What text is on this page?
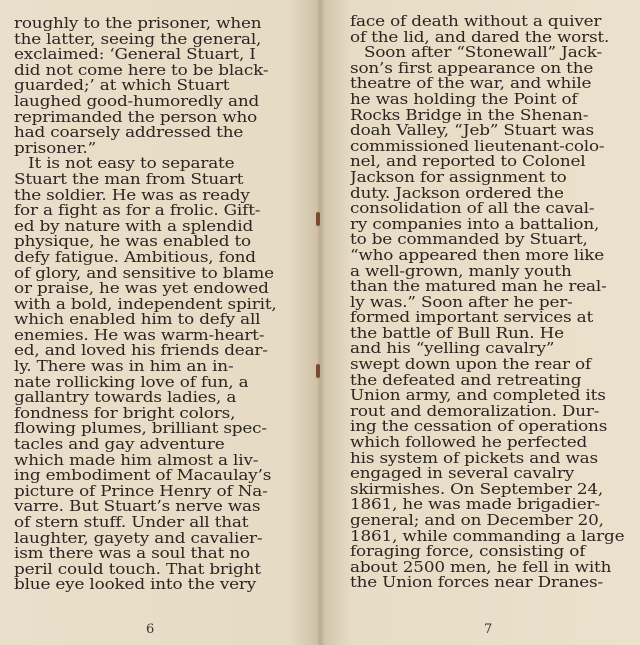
roughly to the prisoner, when
the latter, seeing the general,
exclaimed: ‘General Stuart, I
did not come here to be black-
guarded;’ at which Stuart
laughed good-humoredly and
reprimanded the person who
had coarsely addressed the
prisoner.”
It is not easy to separate
Stuart the man from Stuart
the soldier. He was as ready
for a fight as for a frolic. Gift-
ed by nature with a splendid
physique, he was enabled to
defy fatigue. Ambitious, fond
of glory, and sensitive to blame
or praise, he was yet endowed
with a bold, independent spirit,
which enabled him to defy all
enemies. He was warm-heart-
ed, and loved his friends dear-
ly. There was in him an in-
nate rollicking love of fun, a
gallantry towards ladies, a
fondness for bright colors,
flowing plumes, brilliant spec-
tacles and gay adventure
which made him almost a liv-
ing embodiment of Macaulay’s
picture of Prince Henry of Na-
varre. But Stuart’s nerve was
of stern stuff. Under all that
laughter, gayety and cavalier-
ism there was a soul that no
peril could touch. That bright
blue eye looked into the very
6
face of death without a quiver
of the lid, and dared the worst.
Soon after “Stonewall” Jack-
son’s first appearance on the
theatre of the war, and while
he was holding the Point of
Rocks Bridge in the Shenan-
doah Valley, “Jeb” Stuart was
commissioned lieutenant-colo-
nel, and reported to Colonel
Jackson for assignment to
duty. Jackson ordered the
consolidation of all the caval-
ry companies into a battalion,
to be commanded by Stuart,
“who appeared then more like
a well-grown, manly youth
than the matured man he real-
ly was.” Soon after he per-
formed important services at
the battle of Bull Run. He
and his “yelling cavalry”
swept down upon the rear of
the defeated and retreating
Union army, and completed its
rout and demoralization. Dur-
ing the cessation of operations
which followed he perfected
his system of pickets and was
engaged in several cavalry
skirmishes. On September 24,
1861, he was made brigadier-
general; and on December 20,
1861, while commanding a large
foraging force, consisting of
about 2500 men, he fell in with
the Union forces near Dranes-
7
